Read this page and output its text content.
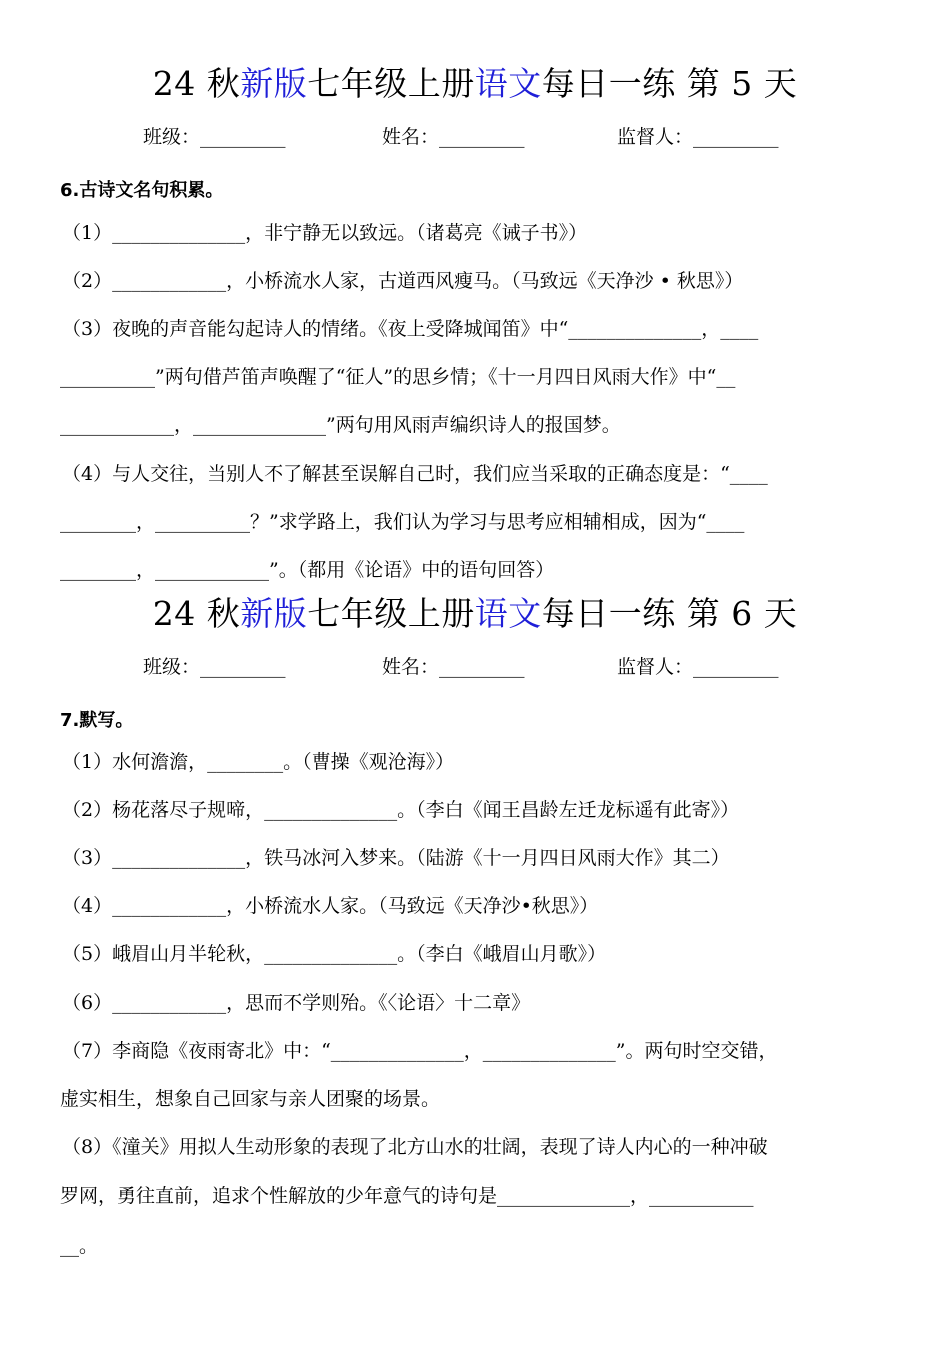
24 秋新版七年级上册语文每日一练 第 5 天
班级：_________	姓名：_________	监督人：_________
6.古诗文名句积累。
（1）______________，非宁静无以致远。（诸葛亮《诫子书》）
（2）____________，小桥流水人家，古道西风瘦马。（马致远《天净沙 • 秋思》）
（3）夜晚的声音能勾起诗人的情绪。《夜上受降城闻笛》中“______________，____
__________”两句借芦笛声唤醒了“征人”的思乡情；《十一月四日风雨大作》中“__
____________，______________”两句用风雨声编织诗人的报国梦。
（4）与人交往，当别人不了解甚至误解自己时，我们应当采取的正确态度是：“____
________，__________？”求学路上，我们认为学习与思考应相辅相成，因为“____
________，____________”。（都用《论语》中的语句回答）
24 秋新版七年级上册语文每日一练 第 6 天
班级：_________	姓名：_________	监督人：_________
7.默写。
（1）水何澹澹，________。（曹操《观沧海》）
（2）杨花落尽子规啼，______________。（李白《闻王昌龄左迁龙标遥有此寄》）
（3）______________，铁马冰河入梦来。（陆游《十一月四日风雨大作》其二）
（4）____________，小桥流水人家。（马致远《天净沙•秋思》）
（5）峨眉山月半轮秋，______________。（李白《峨眉山月歌》）
（6）____________，思而不学则殆。《〈论语〉十二章》
（7）李商隐《夜雨寄北》中：“______________，______________”。两句时空交错，
虚实相生，想象自己回家与亲人团聚的场景。
（8）《潼关》用拟人生动形象的表现了北方山水的壮阔，表现了诗人内心的一种冲破
罗网，勇往直前，追求个性解放的少年意气的诗句是______________，___________
__。
